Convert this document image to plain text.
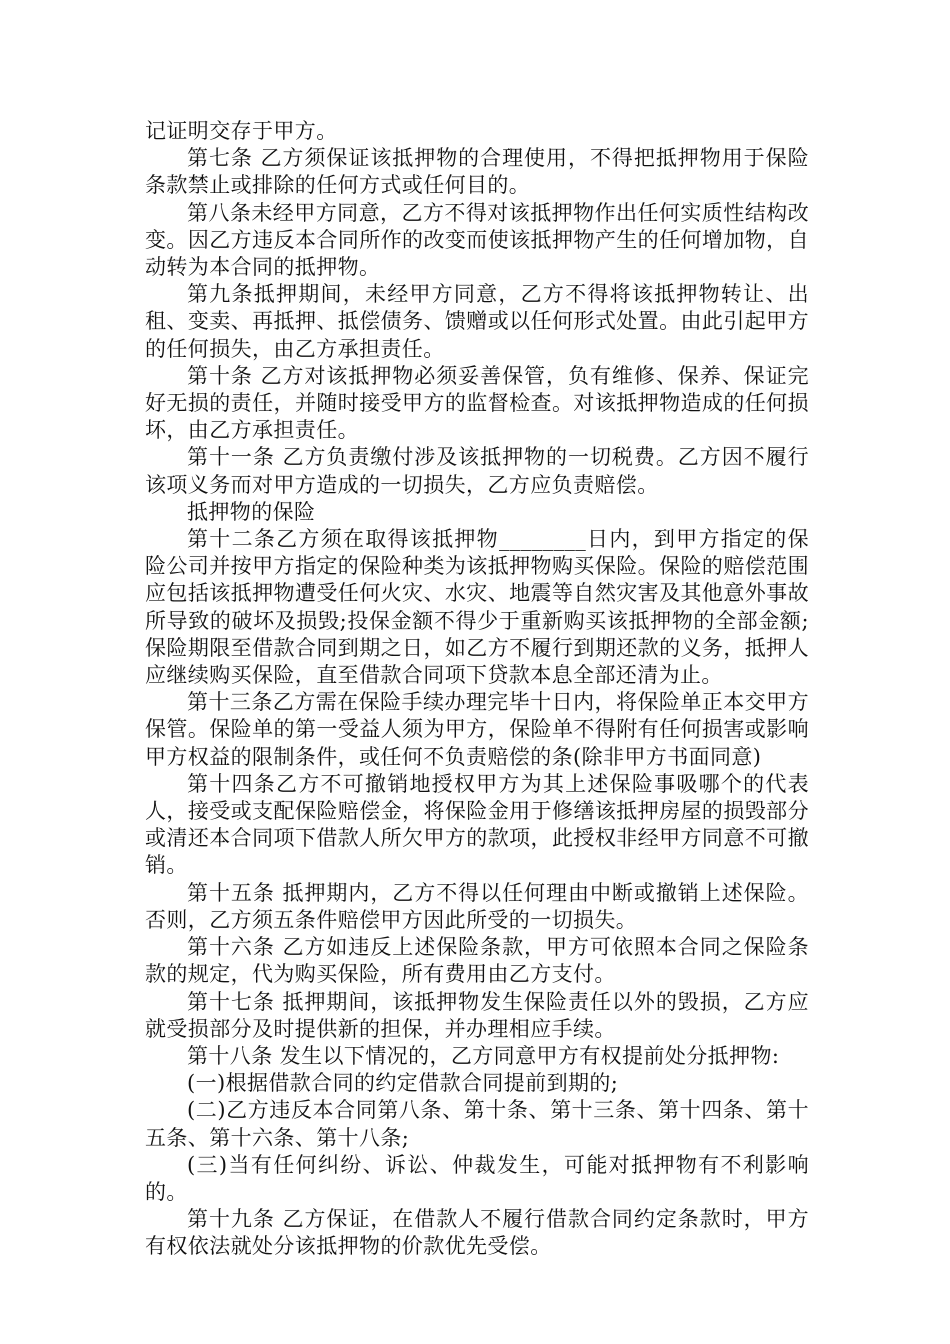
记证明交存于甲方。

第七条 乙方须保证该抵押物的合理使用，不得把抵押物用于保险条款禁止或排除的任何方式或任何目的。

第八条未经甲方同意，乙方不得对该抵押物作出任何实质性结构改变。因乙方违反本合同所作的改变而使该抵押物产生的任何增加物，自动转为本合同的抵押物。

第九条抵押期间，未经甲方同意，乙方不得将该抵押物转让、出租、变卖、再抵押、抵偿债务、馈赠或以任何形式处置。由此引起甲方的任何损失，由乙方承担责任。

第十条 乙方对该抵押物必须妥善保管，负有维修、保养、保证完好无损的责任，并随时接受甲方的监督检查。对该抵押物造成的任何损坏，由乙方承担责任。

第十一条 乙方负责缴付涉及该抵押物的一切税费。乙方因不履行该项义务而对甲方造成的一切损失，乙方应负责赔偿。

抵押物的保险

第十二条乙方须在取得该抵押物________日内，到甲方指定的保险公司并按甲方指定的保险种类为该抵押物购买保险。保险的赔偿范围应包括该抵押物遭受任何火灾、水灾、地震等自然灾害及其他意外事故所导致的破坏及损毁;投保金额不得少于重新购买该抵押物的全部金额;保险期限至借款合同到期之日，如乙方不履行到期还款的义务，抵押人应继续购买保险，直至借款合同项下贷款本息全部还清为止。

第十三条乙方需在保险手续办理完毕十日内，将保险单正本交甲方保管。保险单的第一受益人须为甲方，保险单不得附有任何损害或影响甲方权益的限制条件，或任何不负责赔偿的条(除非甲方书面同意)

第十四条乙方不可撤销地授权甲方为其上述保险事吸哪个的代表人，接受或支配保险赔偿金，将保险金用于修缮该抵押房屋的损毁部分或清还本合同项下借款人所欠甲方的款项，此授权非经甲方同意不可撤销。

第十五条 抵押期内，乙方不得以任何理由中断或撤销上述保险。否则，乙方须五条件赔偿甲方因此所受的一切损失。

第十六条 乙方如违反上述保险条款，甲方可依照本合同之保险条款的规定，代为购买保险，所有费用由乙方支付。

第十七条 抵押期间，该抵押物发生保险责任以外的毁损，乙方应就受损部分及时提供新的担保，并办理相应手续。

第十八条 发生以下情况的，乙方同意甲方有权提前处分抵押物:

(一)根据借款合同的约定借款合同提前到期的;

(二)乙方违反本合同第八条、第十条、第十三条、第十四条、第十五条、第十六条、第十八条;

(三)当有任何纠纷、诉讼、仲裁发生，可能对抵押物有不利影响的。

第十九条 乙方保证，在借款人不履行借款合同约定条款时，甲方有权依法就处分该抵押物的价款优先受偿。
